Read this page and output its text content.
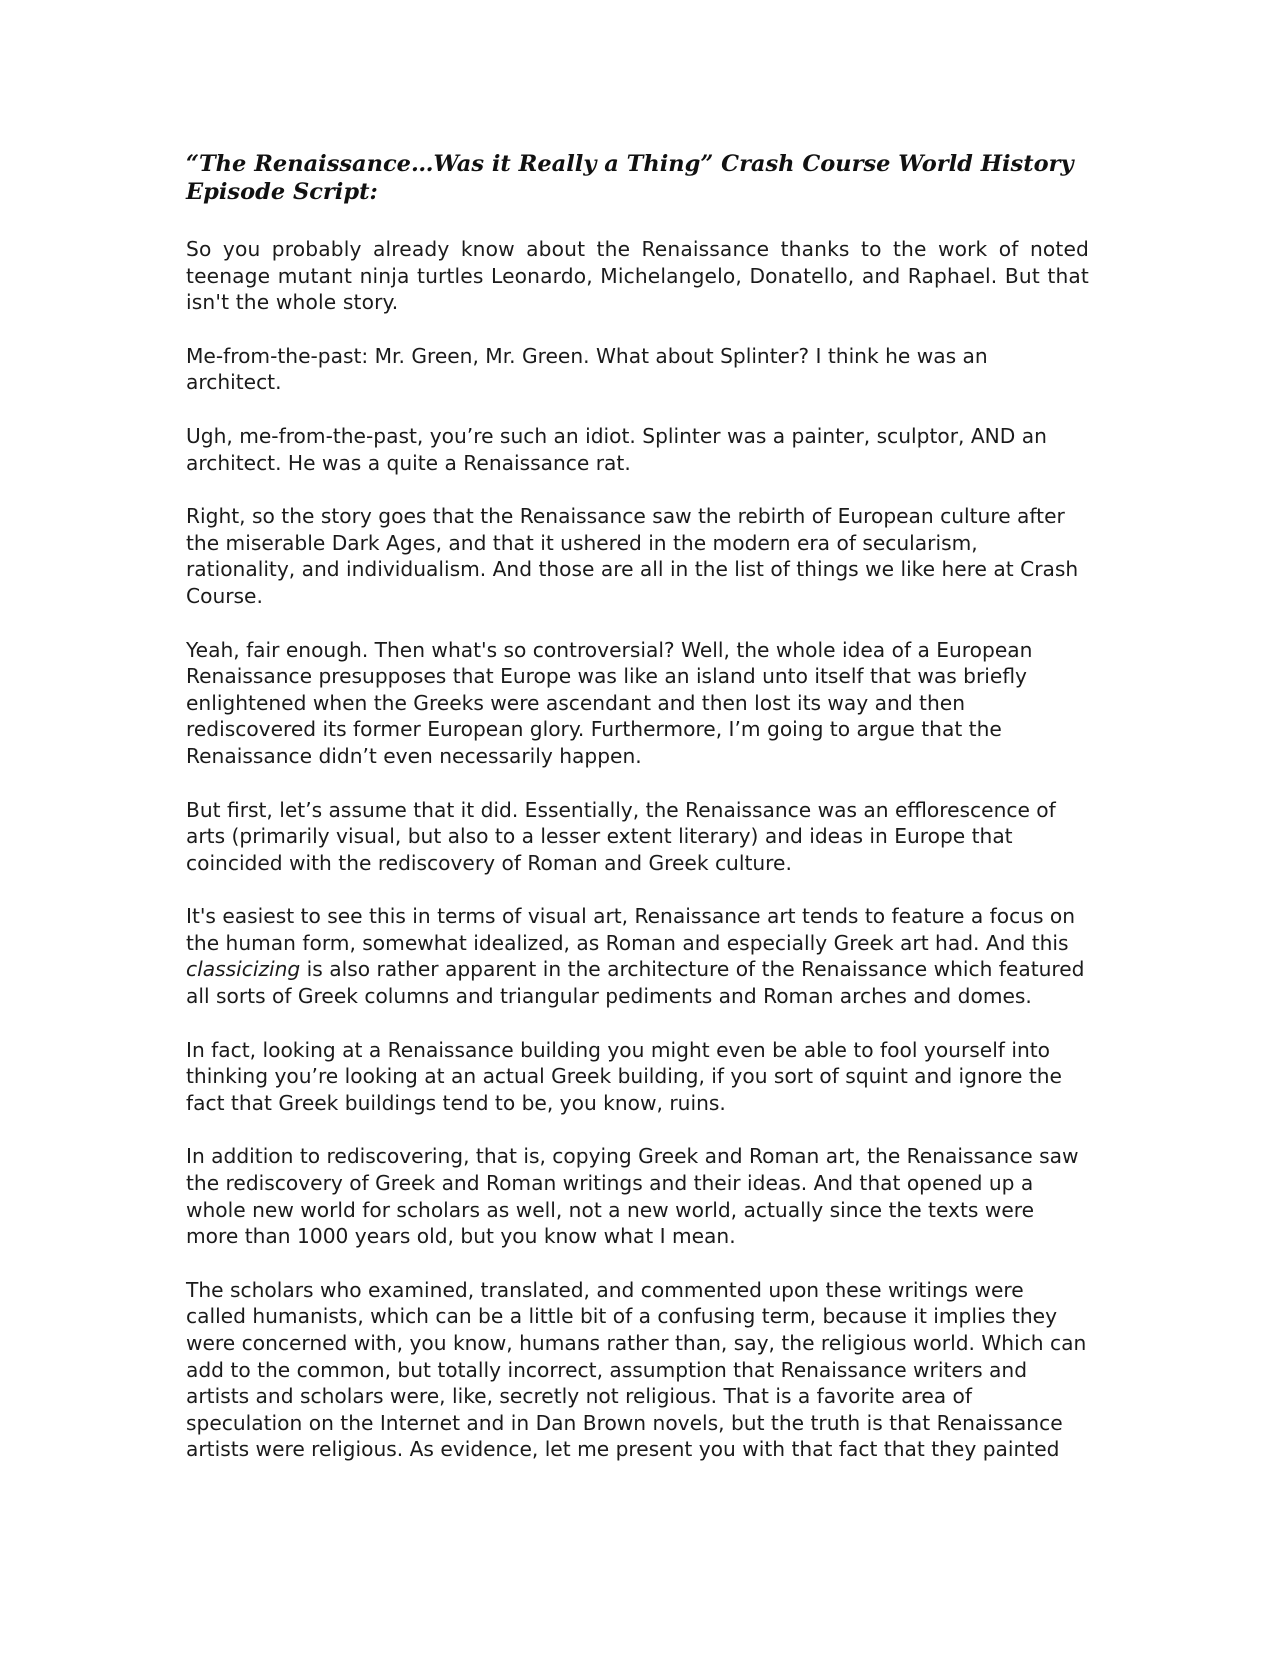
“The Renaissance…Was it Really a Thing” Crash Course World History Episode Script:

So you probably already know about the Renaissance thanks to the work of noted teenage mutant ninja turtles Leonardo, Michelangelo, Donatello, and Raphael. But that isn't the whole story.

Me-from-the-past: Mr. Green, Mr. Green. What about Splinter? I think he was an architect.

Ugh, me-from-the-past, you’re such an idiot. Splinter was a painter, sculptor, AND an architect. He was a quite a Renaissance rat.

Right, so the story goes that the Renaissance saw the rebirth of European culture after the miserable Dark Ages, and that it ushered in the modern era of secularism, rationality, and individualism. And those are all in the list of things we like here at Crash Course.

Yeah, fair enough. Then what's so controversial? Well, the whole idea of a European Renaissance presupposes that Europe was like an island unto itself that was briefly enlightened when the Greeks were ascendant and then lost its way and then rediscovered its former European glory. Furthermore, I’m going to argue that the Renaissance didn’t even necessarily happen.

But first, let’s assume that it did. Essentially, the Renaissance was an efflorescence of arts (primarily visual, but also to a lesser extent literary) and ideas in Europe that coincided with the rediscovery of Roman and Greek culture.

It's easiest to see this in terms of visual art, Renaissance art tends to feature a focus on the human form, somewhat idealized, as Roman and especially Greek art had. And this classicizing is also rather apparent in the architecture of the Renaissance which featured all sorts of Greek columns and triangular pediments and Roman arches and domes.

In fact, looking at a Renaissance building you might even be able to fool yourself into thinking you’re looking at an actual Greek building, if you sort of squint and ignore the fact that Greek buildings tend to be, you know, ruins.

In addition to rediscovering, that is, copying Greek and Roman art, the Renaissance saw the rediscovery of Greek and Roman writings and their ideas. And that opened up a whole new world for scholars as well, not a new world, actually since the texts were more than 1000 years old, but you know what I mean.

The scholars who examined, translated, and commented upon these writings were called humanists, which can be a little bit of a confusing term, because it implies they were concerned with, you know, humans rather than, say, the religious world. Which can add to the common, but totally incorrect, assumption that Renaissance writers and artists and scholars were, like, secretly not religious. That is a favorite area of speculation on the Internet and in Dan Brown novels, but the truth is that Renaissance artists were religious. As evidence, let me present you with that fact that they painted
